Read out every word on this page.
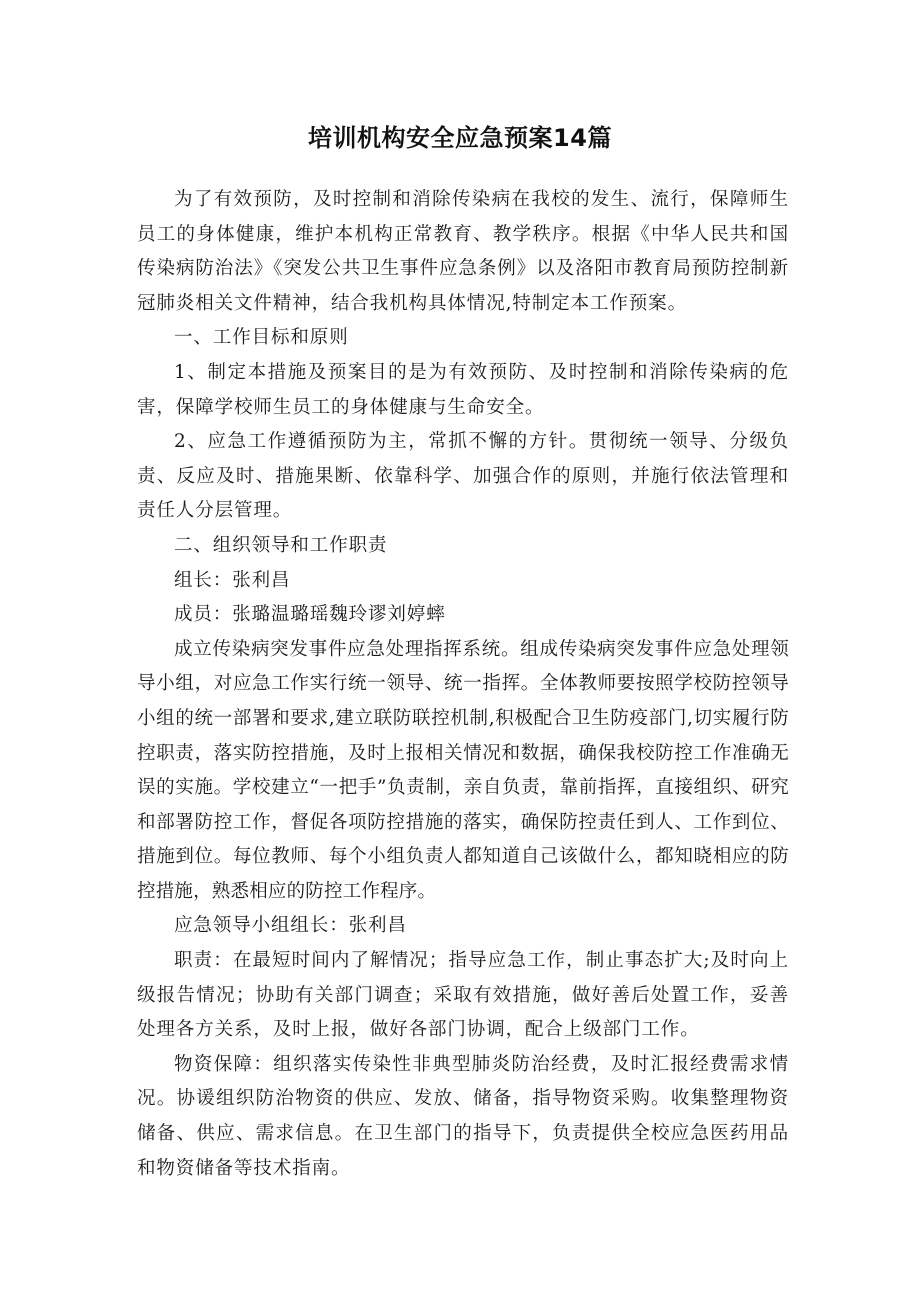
培训机构安全应急预案14篇

为了有效预防，及时控制和消除传染病在我校的发生、流行，保障师生员工的身体健康，维护本机构正常教育、教学秩序。根据《中华人民共和国传染病防治法》《突发公共卫生事件应急条例》以及洛阳市教育局预防控制新冠肺炎相关文件精神，结合我机构具体情况,特制定本工作预案。

一、工作目标和原则

1、制定本措施及预案目的是为有效预防、及时控制和消除传染病的危害，保障学校师生员工的身体健康与生命安全。

2、应急工作遵循预防为主，常抓不懈的方针。贯彻统一领导、分级负责、反应及时、措施果断、依靠科学、加强合作的原则，并施行依法管理和责任人分层管理。

二、组织领导和工作职责

组长：张利昌

成员：张璐温璐瑶魏玲谬刘婷蟀

成立传染病突发事件应急处理指挥系统。组成传染病突发事件应急处理领导小组，对应急工作实行统一领导、统一指挥。全体教师要按照学校防控领导小组的统一部署和要求,建立联防联控机制,积极配合卫生防疫部门,切实履行防控职责，落实防控措施，及时上报相关情况和数据，确保我校防控工作准确无误的实施。学校建立“一把手”负责制，亲自负责，靠前指挥，直接组织、研究和部署防控工作，督促各项防控措施的落实，确保防控责任到人、工作到位、措施到位。每位教师、每个小组负责人都知道自己该做什么，都知晓相应的防控措施，熟悉相应的防控工作程序。

应急领导小组组长：张利昌

职责：在最短时间内了解情况；指导应急工作，制止事态扩大;及时向上级报告情况；协助有关部门调查；采取有效措施，做好善后处置工作，妥善处理各方关系，及时上报，做好各部门协调，配合上级部门工作。

物资保障：组织落实传染性非典型肺炎防治经费，及时汇报经费需求情况。协谖组织防治物资的供应、发放、储备，指导物资采购。收集整理物资储备、供应、需求信息。在卫生部门的指导下，负责提供全校应急医药用品和物资储备等技术指南。
